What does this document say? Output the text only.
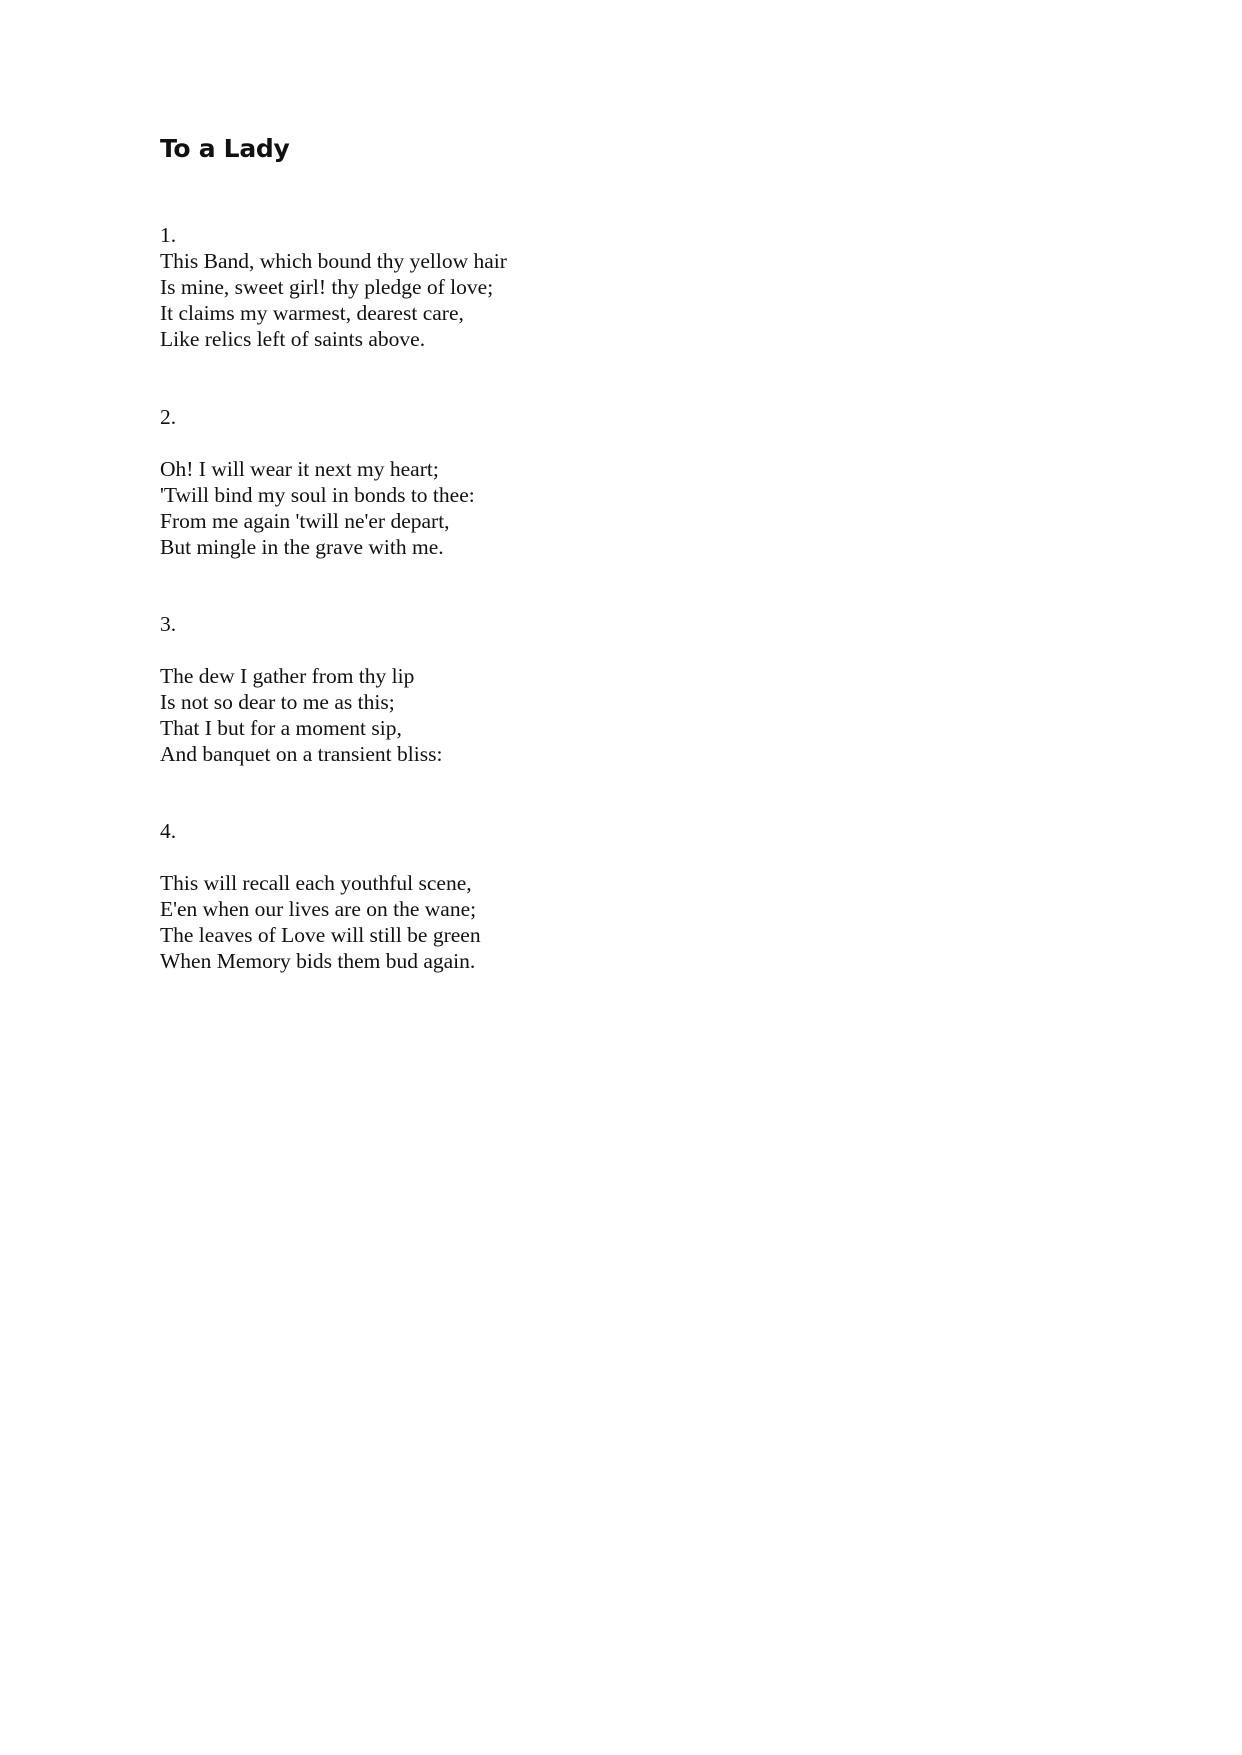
To a Lady
1.
This Band, which bound thy yellow hair
Is mine, sweet girl! thy pledge of love;
It claims my warmest, dearest care,
Like relics left of saints above.
2.
Oh! I will wear it next my heart;
'Twill bind my soul in bonds to thee:
From me again 'twill ne'er depart,
But mingle in the grave with me.
3.
The dew I gather from thy lip
Is not so dear to me as this;
That I but for a moment sip,
And banquet on a transient bliss:
4.
This will recall each youthful scene,
E'en when our lives are on the wane;
The leaves of Love will still be green
When Memory bids them bud again.
